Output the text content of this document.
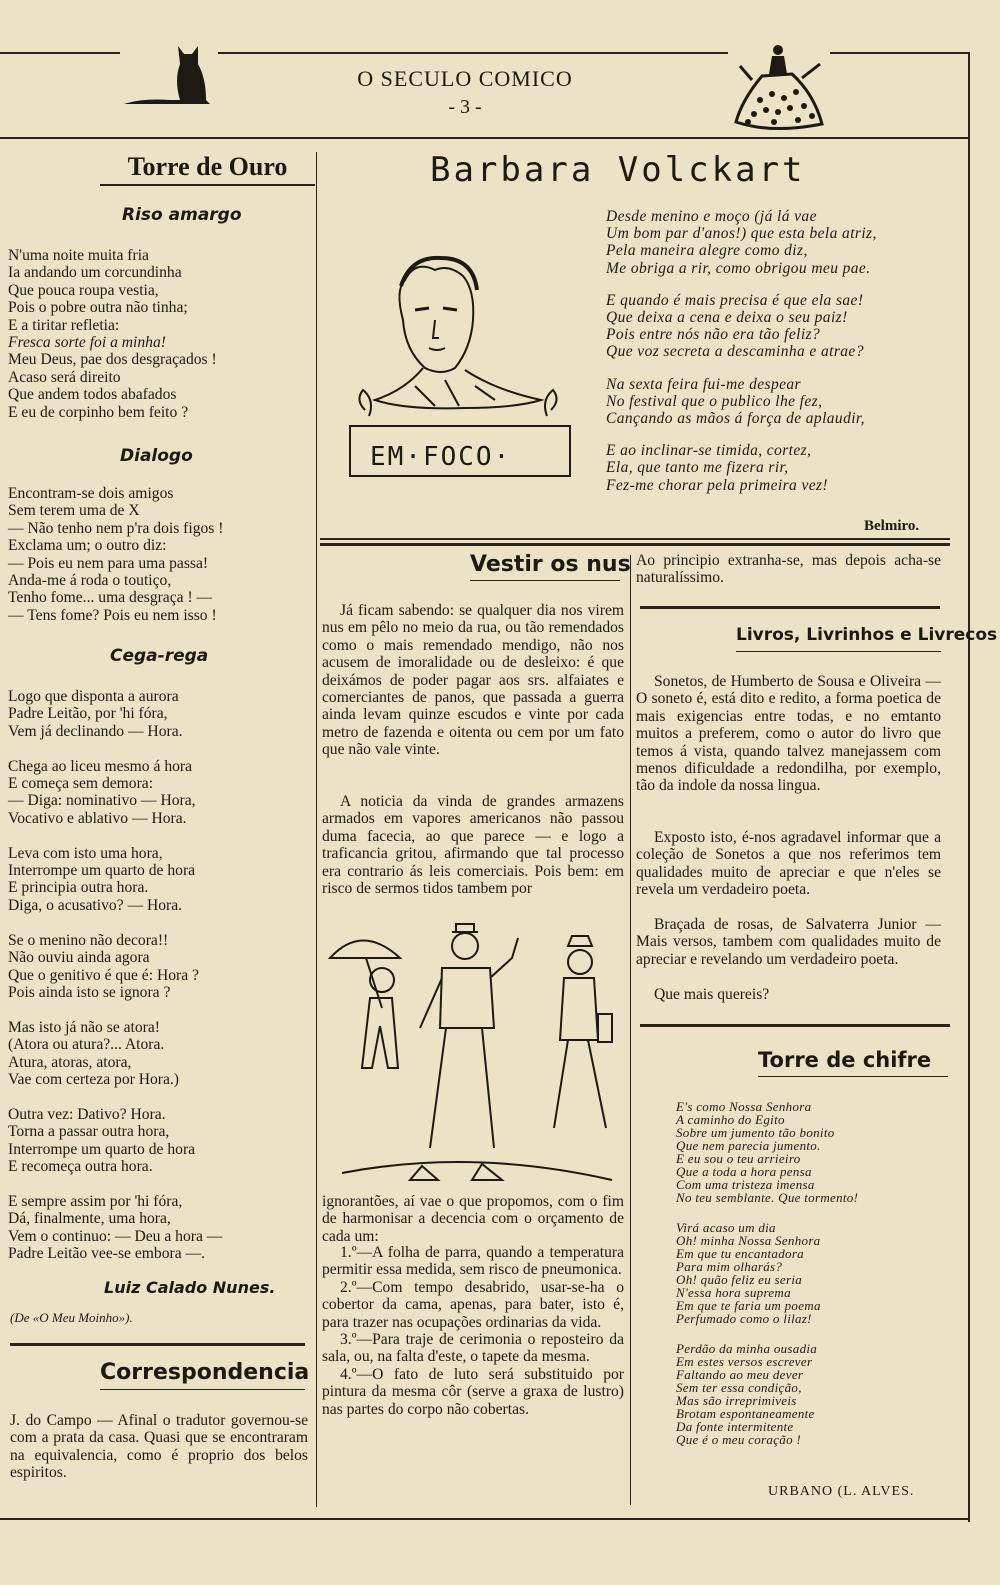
O SECULO COMICO
- 3 -
Torre de Ouro
Riso amargo

N'uma noite muita fria

Ia andando um corcundinha

Que pouca roupa vestia,

Pois o pobre outra não tinha;

E a tiritar refletia:

Fresca sorte foi a minha!

Meu Deus, pae dos desgraçados !

Acaso será direito

Que andem todos abafados

E eu de corpinho bem feito ?

Dialogo

Encontram-se dois amigos

Sem terem uma de X

— Não tenho nem p'ra dois figos !

Exclama um; o outro diz:

— Pois eu nem para uma passa!

Anda-me á roda o toutiço,

Tenho fome... uma desgraça ! —

— Tens fome? Pois eu nem isso !

Cega-rega

Logo que disponta a aurora

Padre Leitão, por 'hi fóra,

Vem já declinando — Hora.

Chega ao liceu mesmo á hora

E começa sem demora:

— Diga: nominativo — Hora,

Vocativo e ablativo — Hora.

Leva com isto uma hora,

Interrompe um quarto de hora

E principia outra hora.

Diga, o acusativo? — Hora.

Se o menino não decora!!

Não ouviu ainda agora

Que o genitivo é que é: Hora ?

Pois ainda isto se ignora ?

Mas isto já não se atora!

(Atora ou atura?... Atora.

Atura, atoras, atora,

Vae com certeza por Hora.)

Outra vez: Dativo? Hora.

Torna a passar outra hora,

Interrompe um quarto de hora

E recomeça outra hora.

E sempre assim por 'hi fóra,

Dá, finalmente, uma hora,

Vem o continuo: — Deu a hora —

Padre Leitão vee-se embora —.

Luiz Calado Nunes.
(De «O Meu Moinho»).
Correspondencia

J. do Campo — Afinal o tradutor governou-se com a prata da casa. Quasi que se encontraram na equivalencia, como é proprio dos belos espiritos.

Barbara Volckart
EM·FOCO·

Desde menino e moço (já lá vae

Um bom par d'anos!) que esta bela atriz,

Pela maneira alegre como diz,

Me obriga a rir, como obrigou meu pae.

E quando é mais precisa é que ela sae!

Que deixa a cena e deixa o seu paiz!

Pois entre nós não era tão feliz?

Que voz secreta a descaminha e atrae?

Na sexta feira fui-me despear

No festival que o publico lhe fez,

Cançando as mãos á força de aplaudir,

E ao inclinar-se timida, cortez,

Ela, que tanto me fizera rir,

Fez-me chorar pela primeira vez!

Belmiro.
Vestir os nus

Já ficam sabendo: se qualquer dia nos virem nus em pêlo no meio da rua, ou tão remendados como o mais remendado mendigo, não nos acusem de imoralidade ou de desleixo: é que deixámos de poder pagar aos srs. alfaiates e comerciantes de panos, que passada a guerra ainda levam quinze escudos e vinte por cada metro de fazenda e oitenta ou cem por um fato que não vale vinte.

A noticia da vinda de grandes armazens armados em vapores americanos não passou duma facecia, ao que parece — e logo a traficancia gritou, afirmando que tal processo era contrario ás leis comerciais. Pois bem: em risco de sermos tidos tambem por

ignorantões, aí vae o que propomos, com o fim de harmonisar a decencia com o orçamento de cada um:

1.º—A folha de parra, quando a temperatura permitir essa medida, sem risco de pneumonica.

2.º—Com tempo desabrido, usar-se-ha o cobertor da cama, apenas, para bater, isto é, para trazer nas ocupações ordinarias da vida.

3.º—Para traje de cerimonia o reposteiro da sala, ou, na falta d'este, o tapete da mesma.

4.º—O fato de luto será substituido por pintura da mesma côr (serve a graxa de lustro) nas partes do corpo não cobertas.

Ao principio extranha-se, mas depois acha-se naturalíssimo.

Livros, Livrinhos e Livrecos

Sonetos, de Humberto de Sousa e Oliveira — O soneto é, está dito e redito, a forma poetica de mais exigencias entre todas, e no emtanto muitos a preferem, como o autor do livro que temos á vista, quando talvez manejassem com menos dificuldade a redondilha, por exemplo, tão da indole da nossa lingua.

Exposto isto, é-nos agradavel informar que a coleção de Sonetos a que nos referimos tem qualidades muito de apreciar e que n'eles se revela um verdadeiro poeta.

Braçada de rosas, de Salvaterra Junior — Mais versos, tambem com qualidades muito de apreciar e revelando um verdadeiro poeta.

Que mais quereis?

Torre de chifre

E's como Nossa Senhora

A caminho do Egito

Sobre um jumento tão bonito

Que nem parecia jumento.

E eu sou o teu arrieiro

Que a toda a hora pensa

Com uma tristeza imensa

No teu semblante. Que tormento!

Virá acaso um dia

Oh! minha Nossa Senhora

Em que tu encantadora

Para mim olharás?

Oh! quão feliz eu seria

N'essa hora suprema

Em que te faria um poema

Perfumado como o lilaz!

Perdão da minha ousadia

Em estes versos escrever

Faltando ao meu dever

Sem ter essa condição,

Mas são irreprimiveis

Brotam espontaneamente

Da fonte intermitente

Que é o meu coração !

URBANO (L. ALVES.
